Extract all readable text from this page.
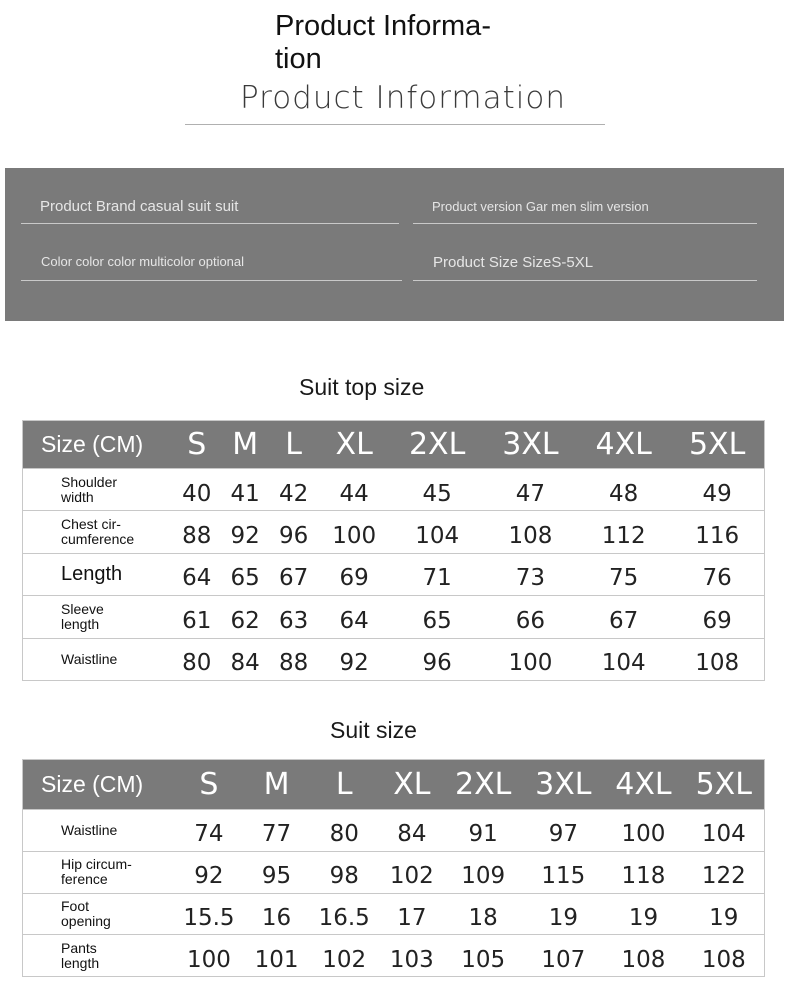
Product Informa-
tion
Product Information
Product Brand casual suit suit	Product version Gar men slim version
Color color color multicolor optional	Product Size SizeS-5XL
Suit top size
Size (CM)	S	M	L	XL	2XL	3XL	4XL	5XL
Shoulder
width	40	41	42	44	45	47	48	49
Chest cir-
cumference	88	92	96	100	104	108	112	116
Length	64	65	67	69	71	73	75	76
Sleeve
length	61	62	63	64	65	66	67	69
Waistline	80	84	88	92	96	100	104	108
Suit size
Size (CM)	S	M	L	XL	2XL	3XL	4XL	5XL
Waistline	74	77	80	84	91	97	100	104
Hip circum-
ference	92	95	98	102	109	115	118	122
Foot
opening	15.5	16	16.5	17	18	19	19	19
Pants
length	100	101	102	103	105	107	108	108
